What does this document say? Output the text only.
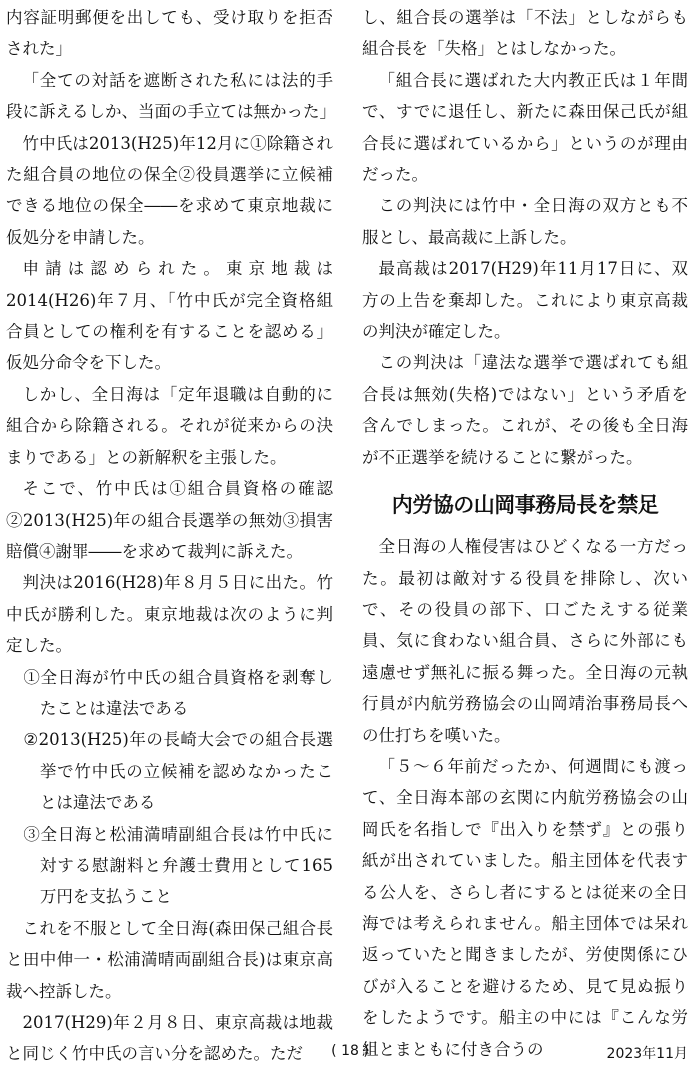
内容証明郵便を出しても、受け取りを拒否された」

「全ての対話を遮断された私には法的手段に訴えるしか、当面の手立ては無かった」

竹中氏は2013(H25)年12月に①除籍された組合員の地位の保全②役員選挙に立候補できる地位の保全――を求めて東京地裁に仮処分を申請した。

申請は認められた。東京地裁は2014(H26)年７月、「竹中氏が完全資格組合員としての権利を有することを認める」仮処分命令を下した。

しかし、全日海は「定年退職は自動的に組合から除籍される。それが従来からの決まりである」との新解釈を主張した。

そこで、竹中氏は①組合員資格の確認②2013(H25)年の組合長選挙の無効③損害賠償④謝罪――を求めて裁判に訴えた。

判決は2016(H28)年８月５日に出た。竹中氏が勝利した。東京地裁は次のように判定した。

①全日海が竹中氏の組合員資格を剥奪したことは違法である

②2013(H25)年の長崎大会での組合長選挙で竹中氏の立候補を認めなかったことは違法である

③全日海と松浦満晴副組合長は竹中氏に対する慰謝料と弁護士費用として165万円を支払うこと

これを不服として全日海(森田保己組合長と田中伸一・松浦満晴両副組合長)は東京高裁へ控訴した。

2017(H29)年２月８日、東京高裁は地裁と同じく竹中氏の言い分を認めた。ただ

し、組合長の選挙は「不法」としながらも組合長を「失格」とはしなかった。

「組合長に選ばれた大内教正氏は１年間で、すでに退任し、新たに森田保己氏が組合長に選ばれているから」というのが理由だった。

この判決には竹中・全日海の双方とも不服とし、最高裁に上訴した。

最高裁は2017(H29)年11月17日に、双方の上告を棄却した。これにより東京高裁の判決が確定した。

この判決は「違法な選挙で選ばれても組合長は無効(失格)ではない」という矛盾を含んでしまった。これが、その後も全日海が不正選挙を続けることに繋がった。

内労協の山岡事務局長を禁足

全日海の人権侵害はひどくなる一方だった。最初は敵対する役員を排除し、次いで、その役員の部下、口ごたえする従業員、気に食わない組合員、さらに外部にも遠慮せず無礼に振る舞った。全日海の元執行員が内航労務協会の山岡靖治事務局長への仕打ちを嘆いた。

「５～６年前だったか、何週間にも渡って、全日海本部の玄関に内航労務協会の山岡氏を名指しで『出入りを禁ず』との張り紙が出されていました。船主団体を代表する公人を、さらし者にするとは従来の全日海では考えられません。船主団体では呆れ返っていたと聞きましたが、労使関係にひびが入ることを避けるため、見て見ぬ振りをしたようです。船主の中には『こんな労組とまともに付き合うの

( 18 )	2023年11月
